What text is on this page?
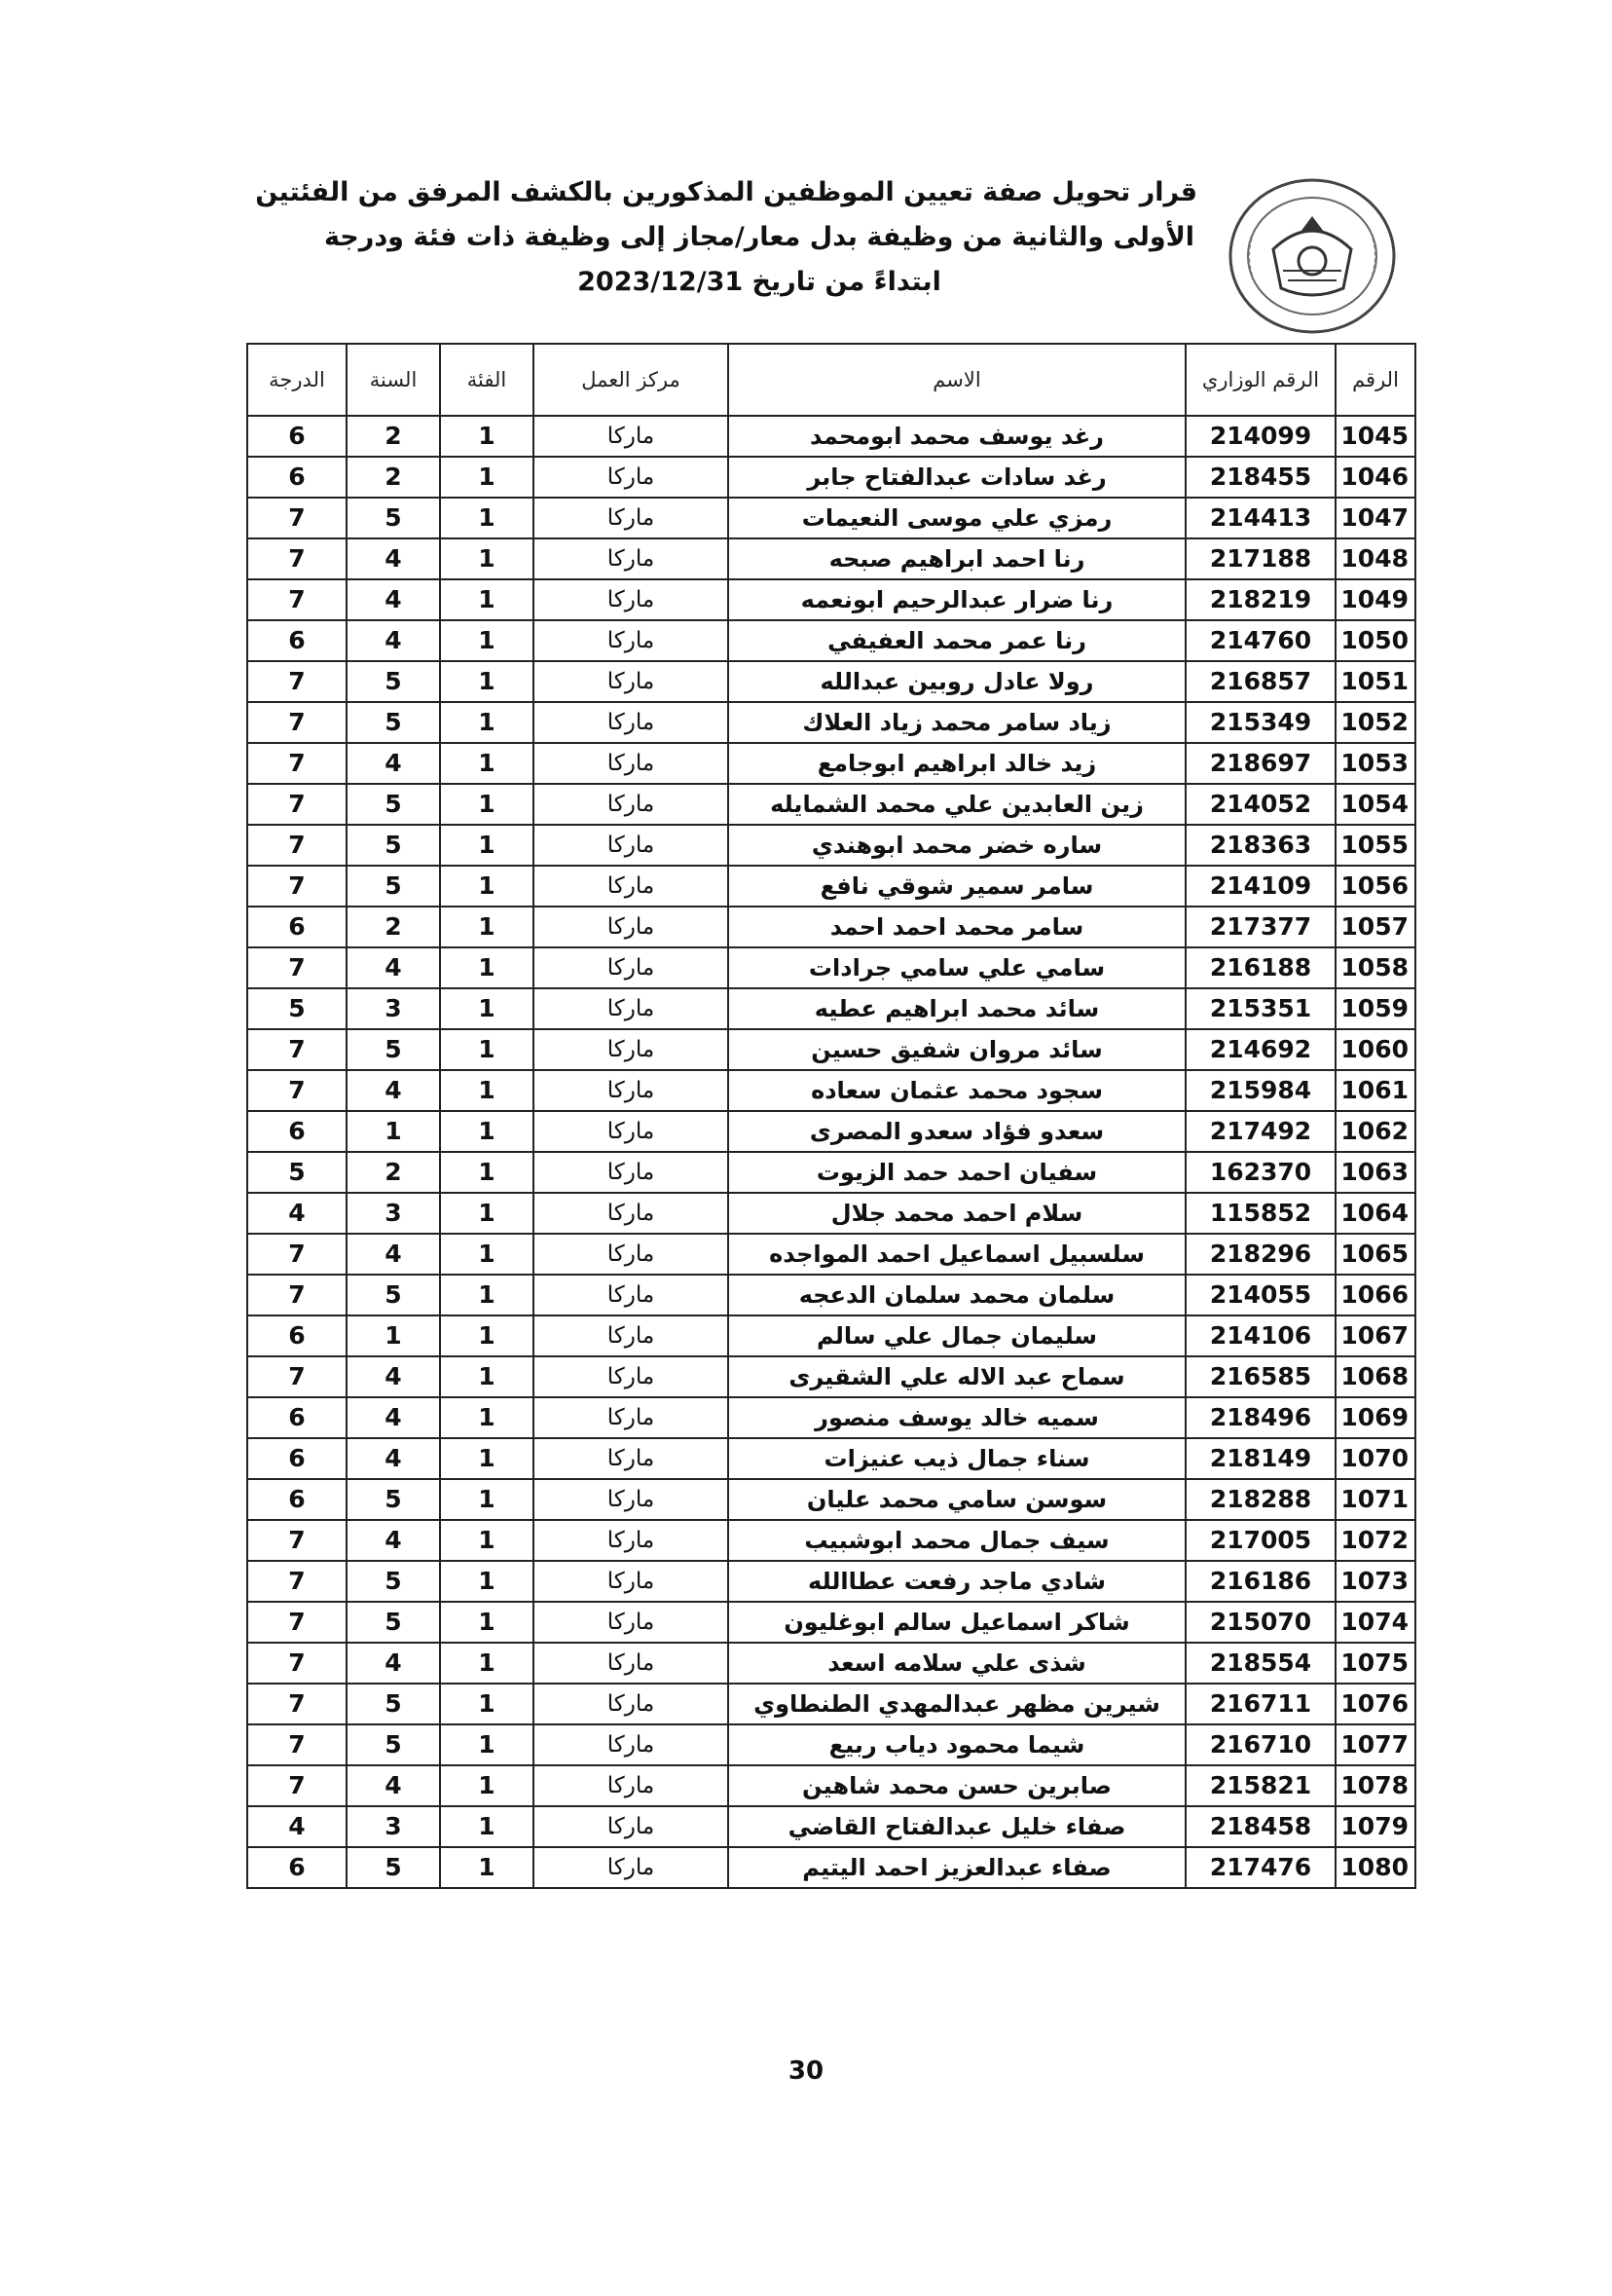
قرار تحويل صفة تعيين الموظفين المذكورين بالكشف المرفق من الفئتين
الأولى والثانية من وظيفة بدل معار/مجاز إلى وظيفة ذات فئة ودرجة
ابتداءً من تاريخ 2023/12/31
الرقم	الرقم الوزاري	الاسم	مركز العمل	الفئة	السنة	الدرجة
1045	214099	رغد يوسف محمد ابومحمد	ماركا	1	2	6
1046	218455	رغد سادات عبدالفتاح جابر	ماركا	1	2	6
1047	214413	رمزي علي موسى النعيمات	ماركا	1	5	7
1048	217188	رنا احمد ابراهيم صبحه	ماركا	1	4	7
1049	218219	رنا ضرار عبدالرحيم ابونعمه	ماركا	1	4	7
1050	214760	رنا عمر محمد العفيفي	ماركا	1	4	6
1051	216857	رولا عادل روبين عبدالله	ماركا	1	5	7
1052	215349	زياد سامر محمد زياد العلاك	ماركا	1	5	7
1053	218697	زيد خالد ابراهيم ابوجامع	ماركا	1	4	7
1054	214052	زين العابدين علي محمد الشمايله	ماركا	1	5	7
1055	218363	ساره خضر محمد ابوهندي	ماركا	1	5	7
1056	214109	سامر سمير شوقي نافع	ماركا	1	5	7
1057	217377	سامر محمد احمد احمد	ماركا	1	2	6
1058	216188	سامي علي سامي جرادات	ماركا	1	4	7
1059	215351	سائد محمد ابراهيم عطيه	ماركا	1	3	5
1060	214692	سائد مروان شفيق حسين	ماركا	1	5	7
1061	215984	سجود محمد عثمان سعاده	ماركا	1	4	7
1062	217492	سعدو فؤاد سعدو المصرى	ماركا	1	1	6
1063	162370	سفيان احمد حمد الزيوت	ماركا	1	2	5
1064	115852	سلام احمد محمد جلال	ماركا	1	3	4
1065	218296	سلسبيل اسماعيل احمد المواجده	ماركا	1	4	7
1066	214055	سلمان محمد سلمان الدعجه	ماركا	1	5	7
1067	214106	سليمان جمال علي سالم	ماركا	1	1	6
1068	216585	سماح عبد الاله علي الشقيرى	ماركا	1	4	7
1069	218496	سميه خالد يوسف منصور	ماركا	1	4	6
1070	218149	سناء جمال ذيب عنيزات	ماركا	1	4	6
1071	218288	سوسن سامي محمد عليان	ماركا	1	5	6
1072	217005	سيف جمال محمد ابوشبيب	ماركا	1	4	7
1073	216186	شادي ماجد رفعت عطاالله	ماركا	1	5	7
1074	215070	شاكر اسماعيل سالم ابوغليون	ماركا	1	5	7
1075	218554	شذى علي سلامه اسعد	ماركا	1	4	7
1076	216711	شيرين مظهر عبدالمهدي الطنطاوي	ماركا	1	5	7
1077	216710	شيما محمود دياب ربيع	ماركا	1	5	7
1078	215821	صابرين حسن محمد شاهين	ماركا	1	4	7
1079	218458	صفاء خليل عبدالفتاح القاضي	ماركا	1	3	4
1080	217476	صفاء عبدالعزيز احمد اليتيم	ماركا	1	5	6
30
